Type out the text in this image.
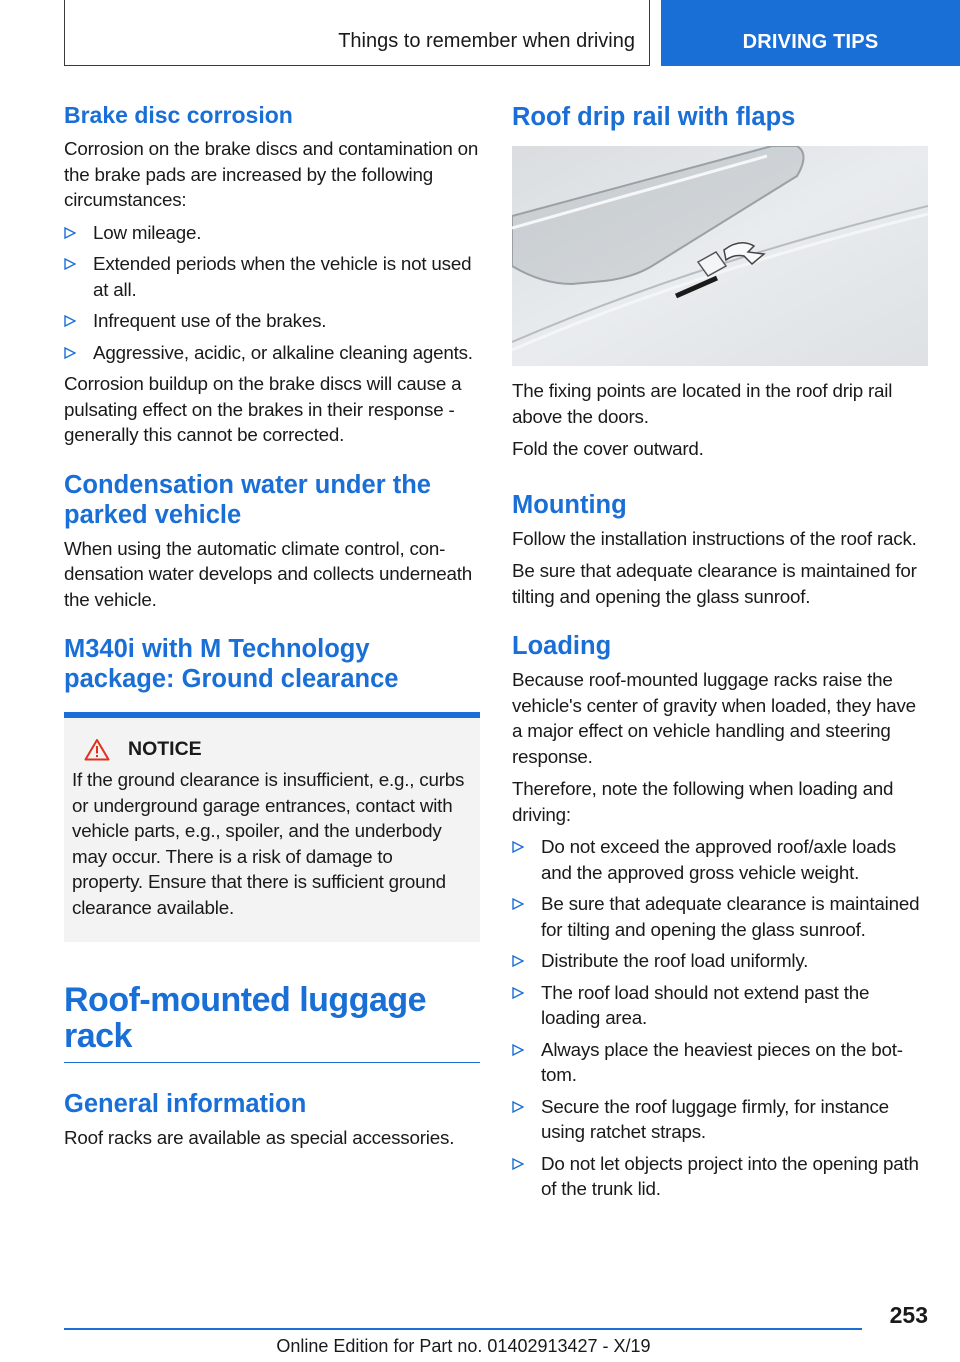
Things to remember when driving	DRIVING TIPS
Brake disc corrosion

Corrosion on the brake discs and contamination on the brake pads are increased by the following circumstances:

Low mileage.
Extended periods when the vehicle is not used at all.
Infrequent use of the brakes.
Aggressive, acidic, or alkaline cleaning agents.

Corrosion buildup on the brake discs will cause a pulsating effect on the brakes in their response - generally this cannot be corrected.

Condensation water under the parked vehicle

When using the automatic climate control, condensation water develops and collects underneath the vehicle.

M340i with M Technology package: Ground clearance
NOTICE

If the ground clearance is insufficient, e.g., curbs or underground garage entrances, contact with vehicle parts, e.g., spoiler, and the underbody may occur. There is a risk of damage to property. Ensure that there is sufficient ground clearance available.

Roof-mounted luggage rack
General information

Roof racks are available as special accessories.

Roof drip rail with flaps

The fixing points are located in the roof drip rail above the doors.

Fold the cover outward.

Mounting

Follow the installation instructions of the roof rack.

Be sure that adequate clearance is maintained for tilting and opening the glass sunroof.

Loading

Because roof-mounted luggage racks raise the vehicle's center of gravity when loaded, they have a major effect on vehicle handling and steering response.

Therefore, note the following when loading and driving:

Do not exceed the approved roof/axle loads and the approved gross vehicle weight.
Be sure that adequate clearance is maintained for tilting and opening the glass sunroof.
Distribute the roof load uniformly.
The roof load should not extend past the loading area.
Always place the heaviest pieces on the bottom.
Secure the roof luggage firmly, for instance using ratchet straps.
Do not let objects project into the opening path of the trunk lid.
253
Online Edition for Part no. 01402913427 - X/19
